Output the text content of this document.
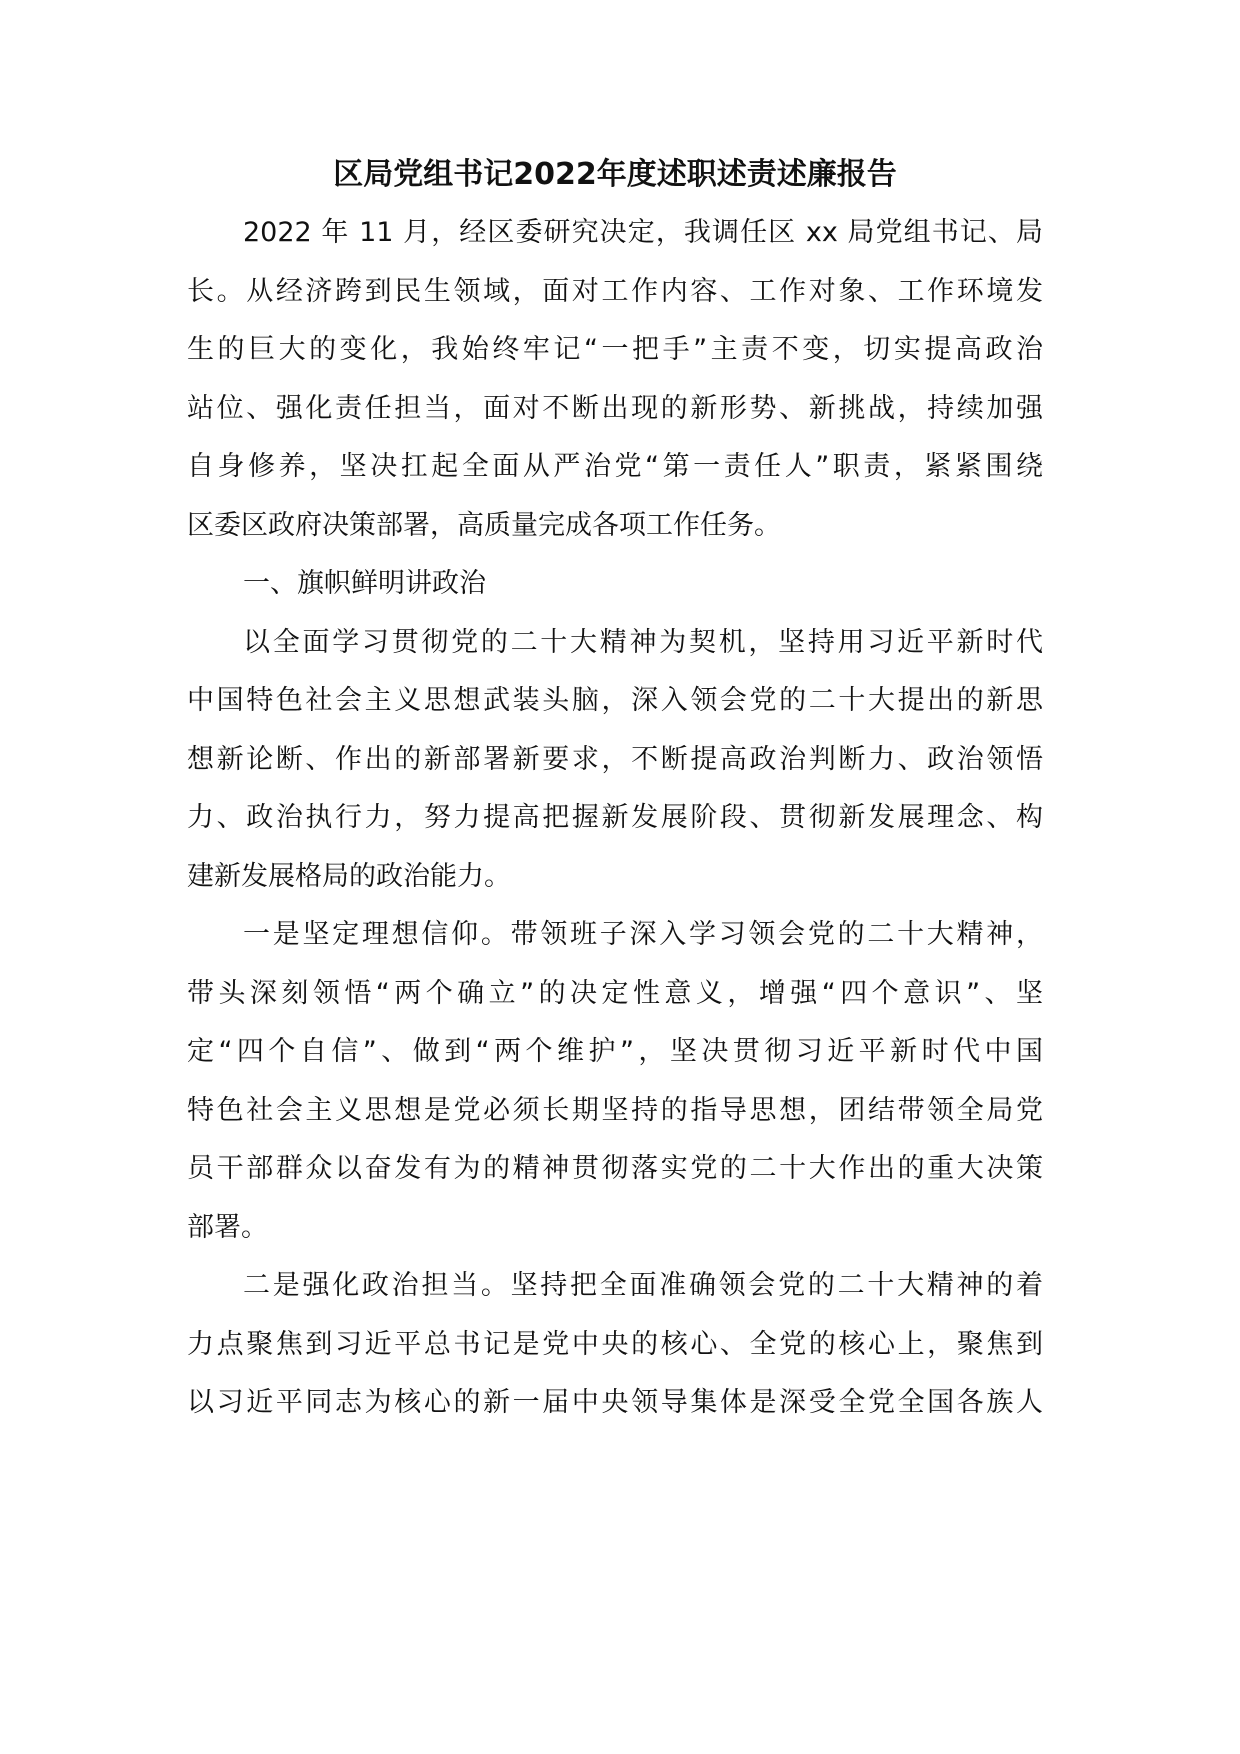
区局党组书记2022年度述职述责述廉报告

2022 年 11 月，经区委研究决定，我调任区 xx 局党组书记、局
长。从经济跨到民生领域，面对工作内容、工作对象、工作环境发
生的巨大的变化，我始终牢记“一把手”主责不变，切实提高政治
站位、强化责任担当，面对不断出现的新形势、新挑战，持续加强
自身修养，坚决扛起全面从严治党“第一责任人”职责，紧紧围绕
区委区政府决策部署，高质量完成各项工作任务。

一、旗帜鲜明讲政治

以全面学习贯彻党的二十大精神为契机，坚持用习近平新时代
中国特色社会主义思想武装头脑，深入领会党的二十大提出的新思
想新论断、作出的新部署新要求，不断提高政治判断力、政治领悟
力、政治执行力，努力提高把握新发展阶段、贯彻新发展理念、构
建新发展格局的政治能力。

一是坚定理想信仰。带领班子深入学习领会党的二十大精神，
带头深刻领悟“两个确立”的决定性意义，增强“四个意识”、坚
定“四个自信”、做到“两个维护”，坚决贯彻习近平新时代中国
特色社会主义思想是党必须长期坚持的指导思想，团结带领全局党
员干部群众以奋发有为的精神贯彻落实党的二十大作出的重大决策
部署。

二是强化政治担当。坚持把全面准确领会党的二十大精神的着
力点聚焦到习近平总书记是党中央的核心、全党的核心上，聚焦到
以习近平同志为核心的新一届中央领导集体是深受全党全国各族人
